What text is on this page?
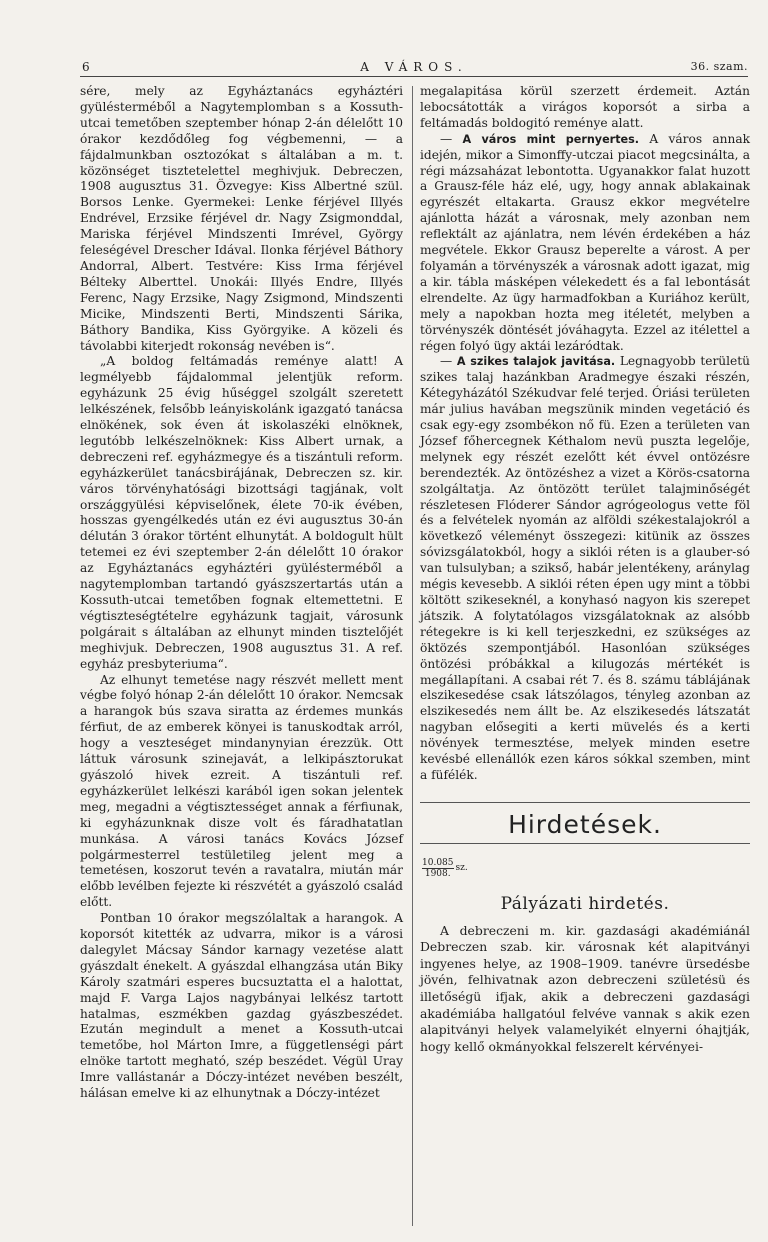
6	A VÁROS.	36. szam.

sére, mely az Egyháztanács egyháztéri gyülésterméből a Nagytemplomban s a Kossuth-utcai temetőben szeptember hónap 2-án délelőtt 10 órakor kezdődőleg fog végbemenni, — a fájdalmunkban osztozókat s általában a m. t. közönséget tisztetelettel meghivjuk. Debreczen, 1908 augusztus 31. Özvegye: Kiss Albertné szül. Borsos Lenke. Gyermekei: Lenke férjével Illyés Endrével, Erzsike férjével dr. Nagy Zsigmonddal, Mariska férjével Mindszenti Imrével, György feleségével Drescher Idával. Ilonka férjével Báthory Andorral, Albert. Testvére: Kiss Irma férjével Bélteky Alberttel. Unokái: Illyés Endre, Illyés Ferenc, Nagy Erzsike, Nagy Zsigmond, Mindszenti Micike, Mindszenti Berti, Mindszenti Sárika, Báthory Bandika, Kiss Györgyike. A közeli és távolabbi kiterjedt rokonság nevében is“.

„A boldog feltámadás reménye alatt! A legmélyebb fájdalommal jelentjük reform. egyházunk 25 évig hűséggel szolgált szeretett lelkészének, felsőbb leányiskolánk igazgató tanácsa elnökének, sok éven át iskolaszéki elnöknek, legutóbb lelkészelnöknek: Kiss Albert urnak, a debreczeni ref. egyházmegye és a tiszántuli reform. egyházkerület tanácsbirájának, Debreczen sz. kir. város törvényhatósági bizottsági tagjának, volt országgyülési képviselőnek, élete 70-ik évében, hosszas gyengélkedés után ez évi augusztus 30-án délután 3 órakor történt elhunytát. A boldogult hült tetemei ez évi szeptember 2-án délelőtt 10 órakor az Egyháztanács egyháztéri gyülésterméből a nagytemplomban tartandó gyászszertartás után a Kossuth-utcai temetőben fognak eltemettetni. E végtiszteségtételre egyházunk tagjait, városunk polgárait s általában az elhunyt minden tisztelőjét meghivjuk. Debreczen, 1908 augusztus 31. A ref. egyház presbyteriuma“.

Az elhunyt temetése nagy részvét mellett ment végbe folyó hónap 2-án délelőtt 10 órakor. Nemcsak a harangok bús szava siratta az érdemes munkás férfiut, de az emberek könyei is tanuskodtak arról, hogy a veszteséget mindanynyian érezzük. Ott láttuk városunk szinejavát, a lelkipásztorukat gyászoló hivek ezreit. A tiszántuli ref. egyházkerület lelkészi karából igen sokan jelentek meg, megadni a végtisztességet annak a férfiunak, ki egyházunknak disze volt és fáradhatatlan munkása. A városi tanács Kovács József polgármesterrel testületileg jelent meg a temetésen, koszorut tevén a ravatalra, miután már előbb levélben fejezte ki részvétét a gyászoló család előtt.

Pontban 10 órakor megszólaltak a harangok. A koporsót kitették az udvarra, mikor is a városi dalegylet Mácsay Sándor karnagy vezetése alatt gyászdalt énekelt. A gyászdal elhangzása után Biky Károly szatmári esperes bucsuztatta el a halottat, majd F. Varga Lajos nagybányai lelkész tartott hatalmas, eszmékben gazdag gyászbeszédet. Ezután megindult a menet a Kossuth-utcai temetőbe, hol Márton Imre, a függetlenségi párt elnöke tartott megható, szép beszédet. Végül Uray Imre vallástanár a Dóczy-intézet nevében beszélt, hálásan emelve ki az elhunytnak a Dóczy-intézet

megalapitása körül szerzett érdemeit. Aztán lebocsátották a virágos koporsót a sirba a feltámadás boldogitó reménye alatt.

— A város mint pernyertes. A város annak idején, mikor a Simonffy-utczai piacot megcsinálta, a régi mázsaházat lebontotta. Ugyanakkor falat huzott a Grausz-féle ház elé, ugy, hogy annak ablakainak egyrészét eltakarta. Grausz ekkor megvételre ajánlotta házát a városnak, mely azonban nem reflektált az ajánlatra, nem lévén érdekében a ház megvétele. Ekkor Grausz beperelte a várost. A per folyamán a törvényszék a városnak adott igazat, mig a kir. tábla másképen vélekedett és a fal lebontását elrendelte. Az ügy harmadfokban a Kuriához került, mely a napokban hozta meg itéletét, melyben a törvényszék döntését jóváhagyta. Ezzel az itélettel a régen folyó ügy aktái lezáródtak.

— A szikes talajok javitása. Legnagyobb területü szikes talaj hazánkban Aradmegye északi részén, Kétegyházától Székudvar felé terjed. Óriási területen már julius havában megszünik minden vegetáció és csak egy-egy zsombékon nő fü. Ezen a területen van József főhercegnek Kéthalom nevü puszta legelője, melynek egy részét ezelőtt két évvel ontözésre berendezték. Az öntözéshez a vizet a Körös-csatorna szolgáltatja. Az öntözött terület talajminőségét részletesen Flóderer Sándor agrógeologus vette föl és a felvételek nyomán az alföldi székestalajokról a következő véleményt összegezi: kitünik az összes sóvizsgálatokból, hogy a siklói réten is a glauber-só van tulsulyban; a szikső, habár jelentékeny, aránylag mégis kevesebb. A siklói réten épen ugy mint a többi költött szikeseknél, a konyhasó nagyon kis szerepet játszik. A folytatólagos vizsgálatoknak az alsóbb rétegekre is ki kell terjeszkedni, ez szükséges az öktözés szempontjából. Hasonlóan szükséges öntözési próbákkal a kilugozás mértékét is megállapítani. A csabai rét 7. és 8. számu táblájának elszikesedése csak látszólagos, tényleg azonban az elszikesedés nem állt be. Az elszikesedés látszatát nagyban elősegiti a kerti müvelés és a kerti növények termesztése, melyek minden esetre kevésbé ellenállók ezen káros sókkal szemben, mint a füfélék.

Hirdetések.
$\frac{10.085}{1908.}$ sz.
Pályázati hirdetés.

A debreczeni m. kir. gazdasági akadémiánál Debreczen szab. kir. városnak két alapitványi ingyenes helye, az 1908–1909. tanévre ürsedésbe jövén, felhivatnak azon debreczeni születésü és illetőségü ifjak, akik a debreczeni gazdasági akadémiába hallgatóul felvéve vannak s akik ezen alapitványi helyek valamelyikét elnyerni óhajtják, hogy kellő okmányokkal felszerelt kérvényei-
